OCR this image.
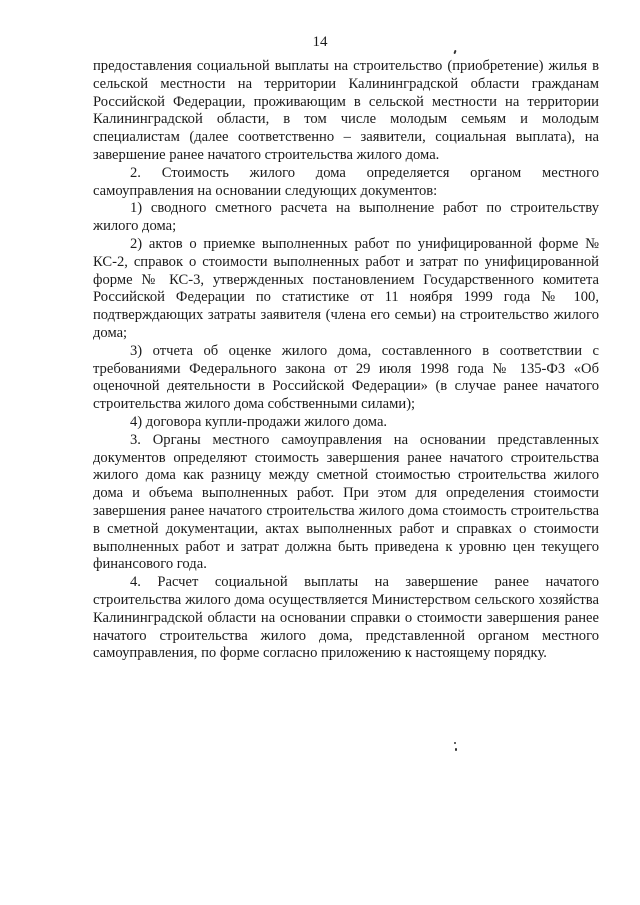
14

предоставления социальной выплаты на строительство (приобретение) жилья в сельской местности на территории Калининградской области гражданам Российской Федерации, проживающим в сельской местности на территории Калининградской области, в том числе молодым семьям и молодым специалистам (далее соответственно – заявители, социальная выплата), на завершение ранее начатого строительства жилого дома.

2. Стоимость жилого дома определяется органом местного самоуправления на основании следующих документов:

1) сводного сметного расчета на выполнение работ по строительству жилого дома;

2) актов о приемке выполненных работ по унифицированной форме № КС-2, справок о стоимости выполненных работ и затрат по унифицированной форме № КС-3, утвержденных постановлением Государственного комитета Российской Федерации по статистике от 11 ноября 1999 года № 100, подтверждающих затраты заявителя (члена его семьи) на строительство жилого дома;

3) отчета об оценке жилого дома, составленного в соответствии с требованиями Федерального закона от 29 июля 1998 года № 135-ФЗ «Об оценочной деятельности в Российской Федерации» (в случае ранее начатого строительства жилого дома собственными силами);

4) договора купли-продажи жилого дома.

3. Органы местного самоуправления на основании представленных документов определяют стоимость завершения ранее начатого строительства жилого дома как разницу между сметной стоимостью строительства жилого дома и объема выполненных работ. При этом для определения стоимости завершения ранее начатого строительства жилого дома стоимость строительства в сметной документации, актах выполненных работ и справках о стоимости выполненных работ и затрат должна быть приведена к уровню цен текущего финансового года.

4. Расчет социальной выплаты на завершение ранее начатого строительства жилого дома осуществляется Министерством сельского хозяйства Калининградской области на основании справки о стоимости завершения ранее начатого строительства жилого дома, представленной органом местного самоуправления, по форме согласно приложению к настоящему порядку.
